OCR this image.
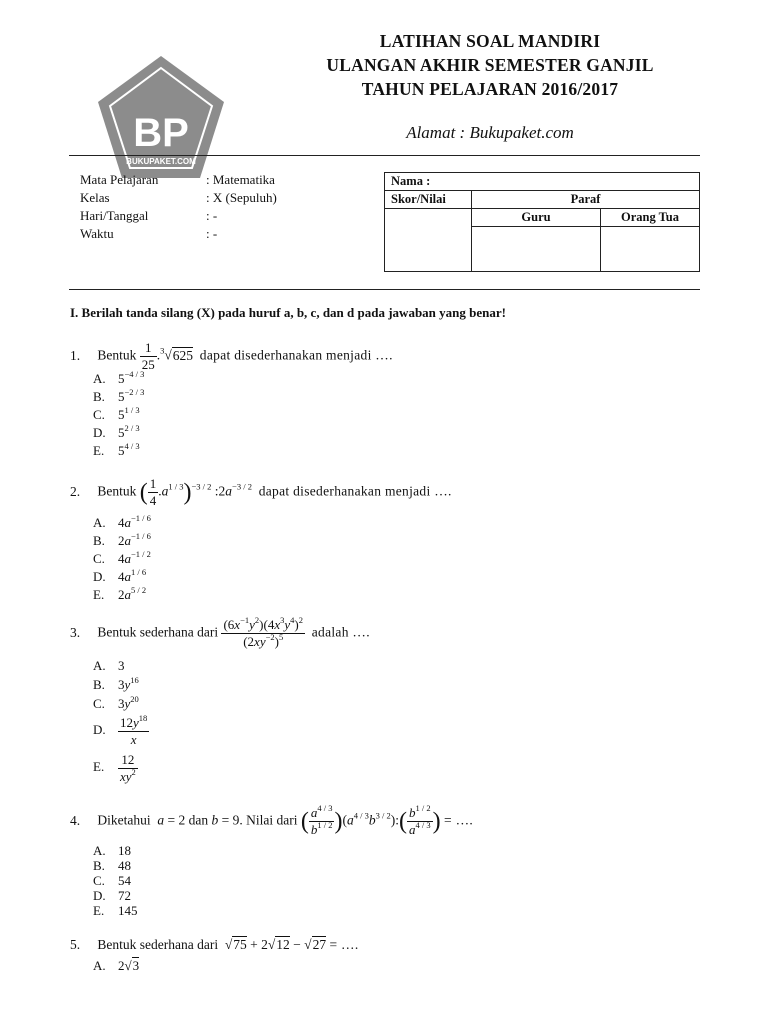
LATIHAN SOAL LENGKAP
BP
BUKUPAKET.COM
LATIHAN SOAL MANDIRI
ULANGAN AKHIR SEMESTER GANJIL
TAHUN PELAJARAN 2016/2017
Alamat : Bukupaket.com
Mata Pelajaran	: Matematika
Kelas	: X (Sepuluh)
Hari/Tanggal	: -
Waktu	: -
Nama :		
Skor/Nilai	Paraf	
	Guru	Orang Tua

I. Berilah tanda silang (X) pada huruf a, b, c, dan d pada jawaban yang benar!
1. Bentuk $\frac{1}{25} .^3√625$ dapat disederhanakan menjadi ….
A. $5^{-4 / 3}$
B. $5^{-2 / 3}$
C. $5^{1 / 3}$
D. $5^{2 / 3}$
E. $5^{4 / 3}$
2. Bentuk ( $\frac{1}{4} .a^{1 / 3})^{-3 / 2}$ $:2a^{-3 / 2}$ dapat disederhanakan menjadi ….
A. $4a^{-1 / 6}$
B. $2a^{-1 / 6}$
C. $4a^{-1 / 2}$
D. $4a^{1 / 6}$
E. $2a^{5 / 2}$
3. Bentuk sederhana dari $\frac{(6x^{-1}y^2)(4x^3y^4)^2}{(2xy^{-2})^5}$ adalah ….
A. 3
B. $3y^{16}$
C. $3y^{20}$
D. $\frac{12y^{18}}{x}$
E. $\frac{12}{xy^2}$
4. Diketahui a = 2 dan b = 9. Nilai dari ( $\frac{a^{4 / 3}}{b^{1 / 2}}$ )$(a^{4 / 3}b^{3 / 2}):( \frac{b^{1 / 2}}{a^{4 / 3}}$ ) = ….
A. 18
B. 48
C. 54
D. 72
E. 145
5. Bentuk sederhana dari  √75 + 2√12 − √27 = ….
A. 2√3
